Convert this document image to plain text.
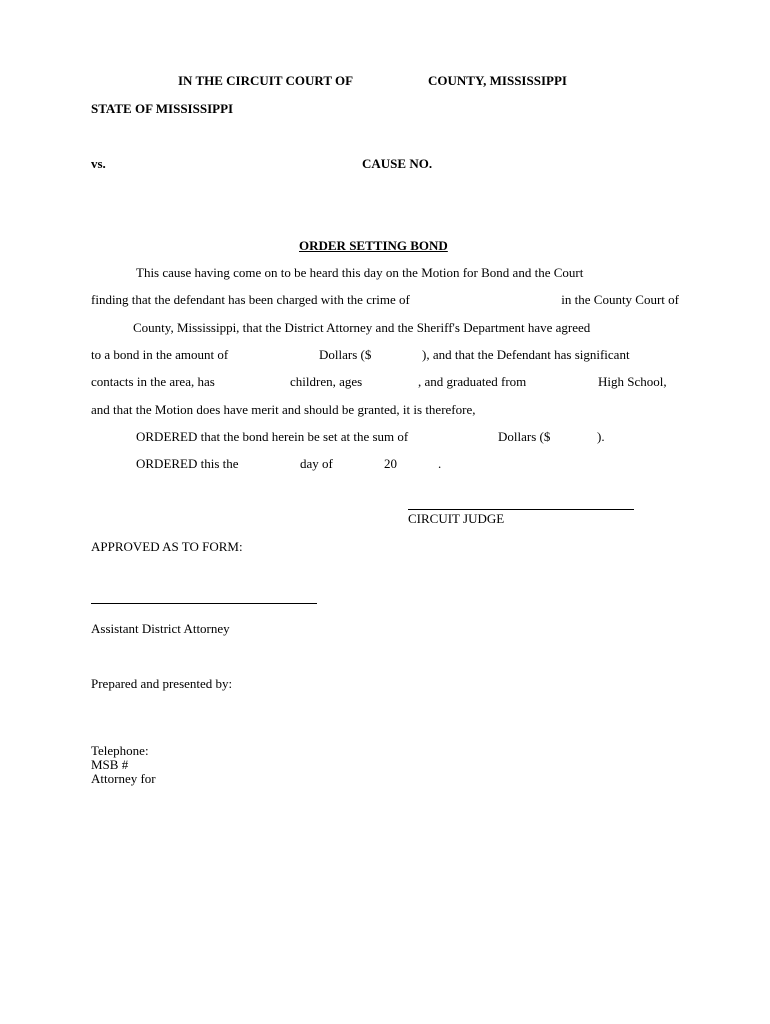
IN THE CIRCUIT COURT OF	COUNTY, MISSISSIPPI
STATE OF MISSISSIPPI
vs.	CAUSE NO.
ORDER SETTING BOND
This cause having come on to be heard this day on the Motion for Bond and the Court
finding that the defendant has been charged with the crime of	in the County Court of
County, Mississippi, that the District Attorney and the Sheriff's Department have agreed
to a bond in the amount of	Dollars ($	), and that the Defendant has significant
contacts in the area, has	children, ages	, and graduated from	High School,
and that the Motion does have merit and should be granted, it is therefore,
ORDERED that the bond herein be set at the sum of	Dollars ($	).
ORDERED this the	day of	20	.
CIRCUIT JUDGE
APPROVED AS TO FORM:
Assistant District Attorney
Prepared and presented by:
Telephone:
MSB #
Attorney for
